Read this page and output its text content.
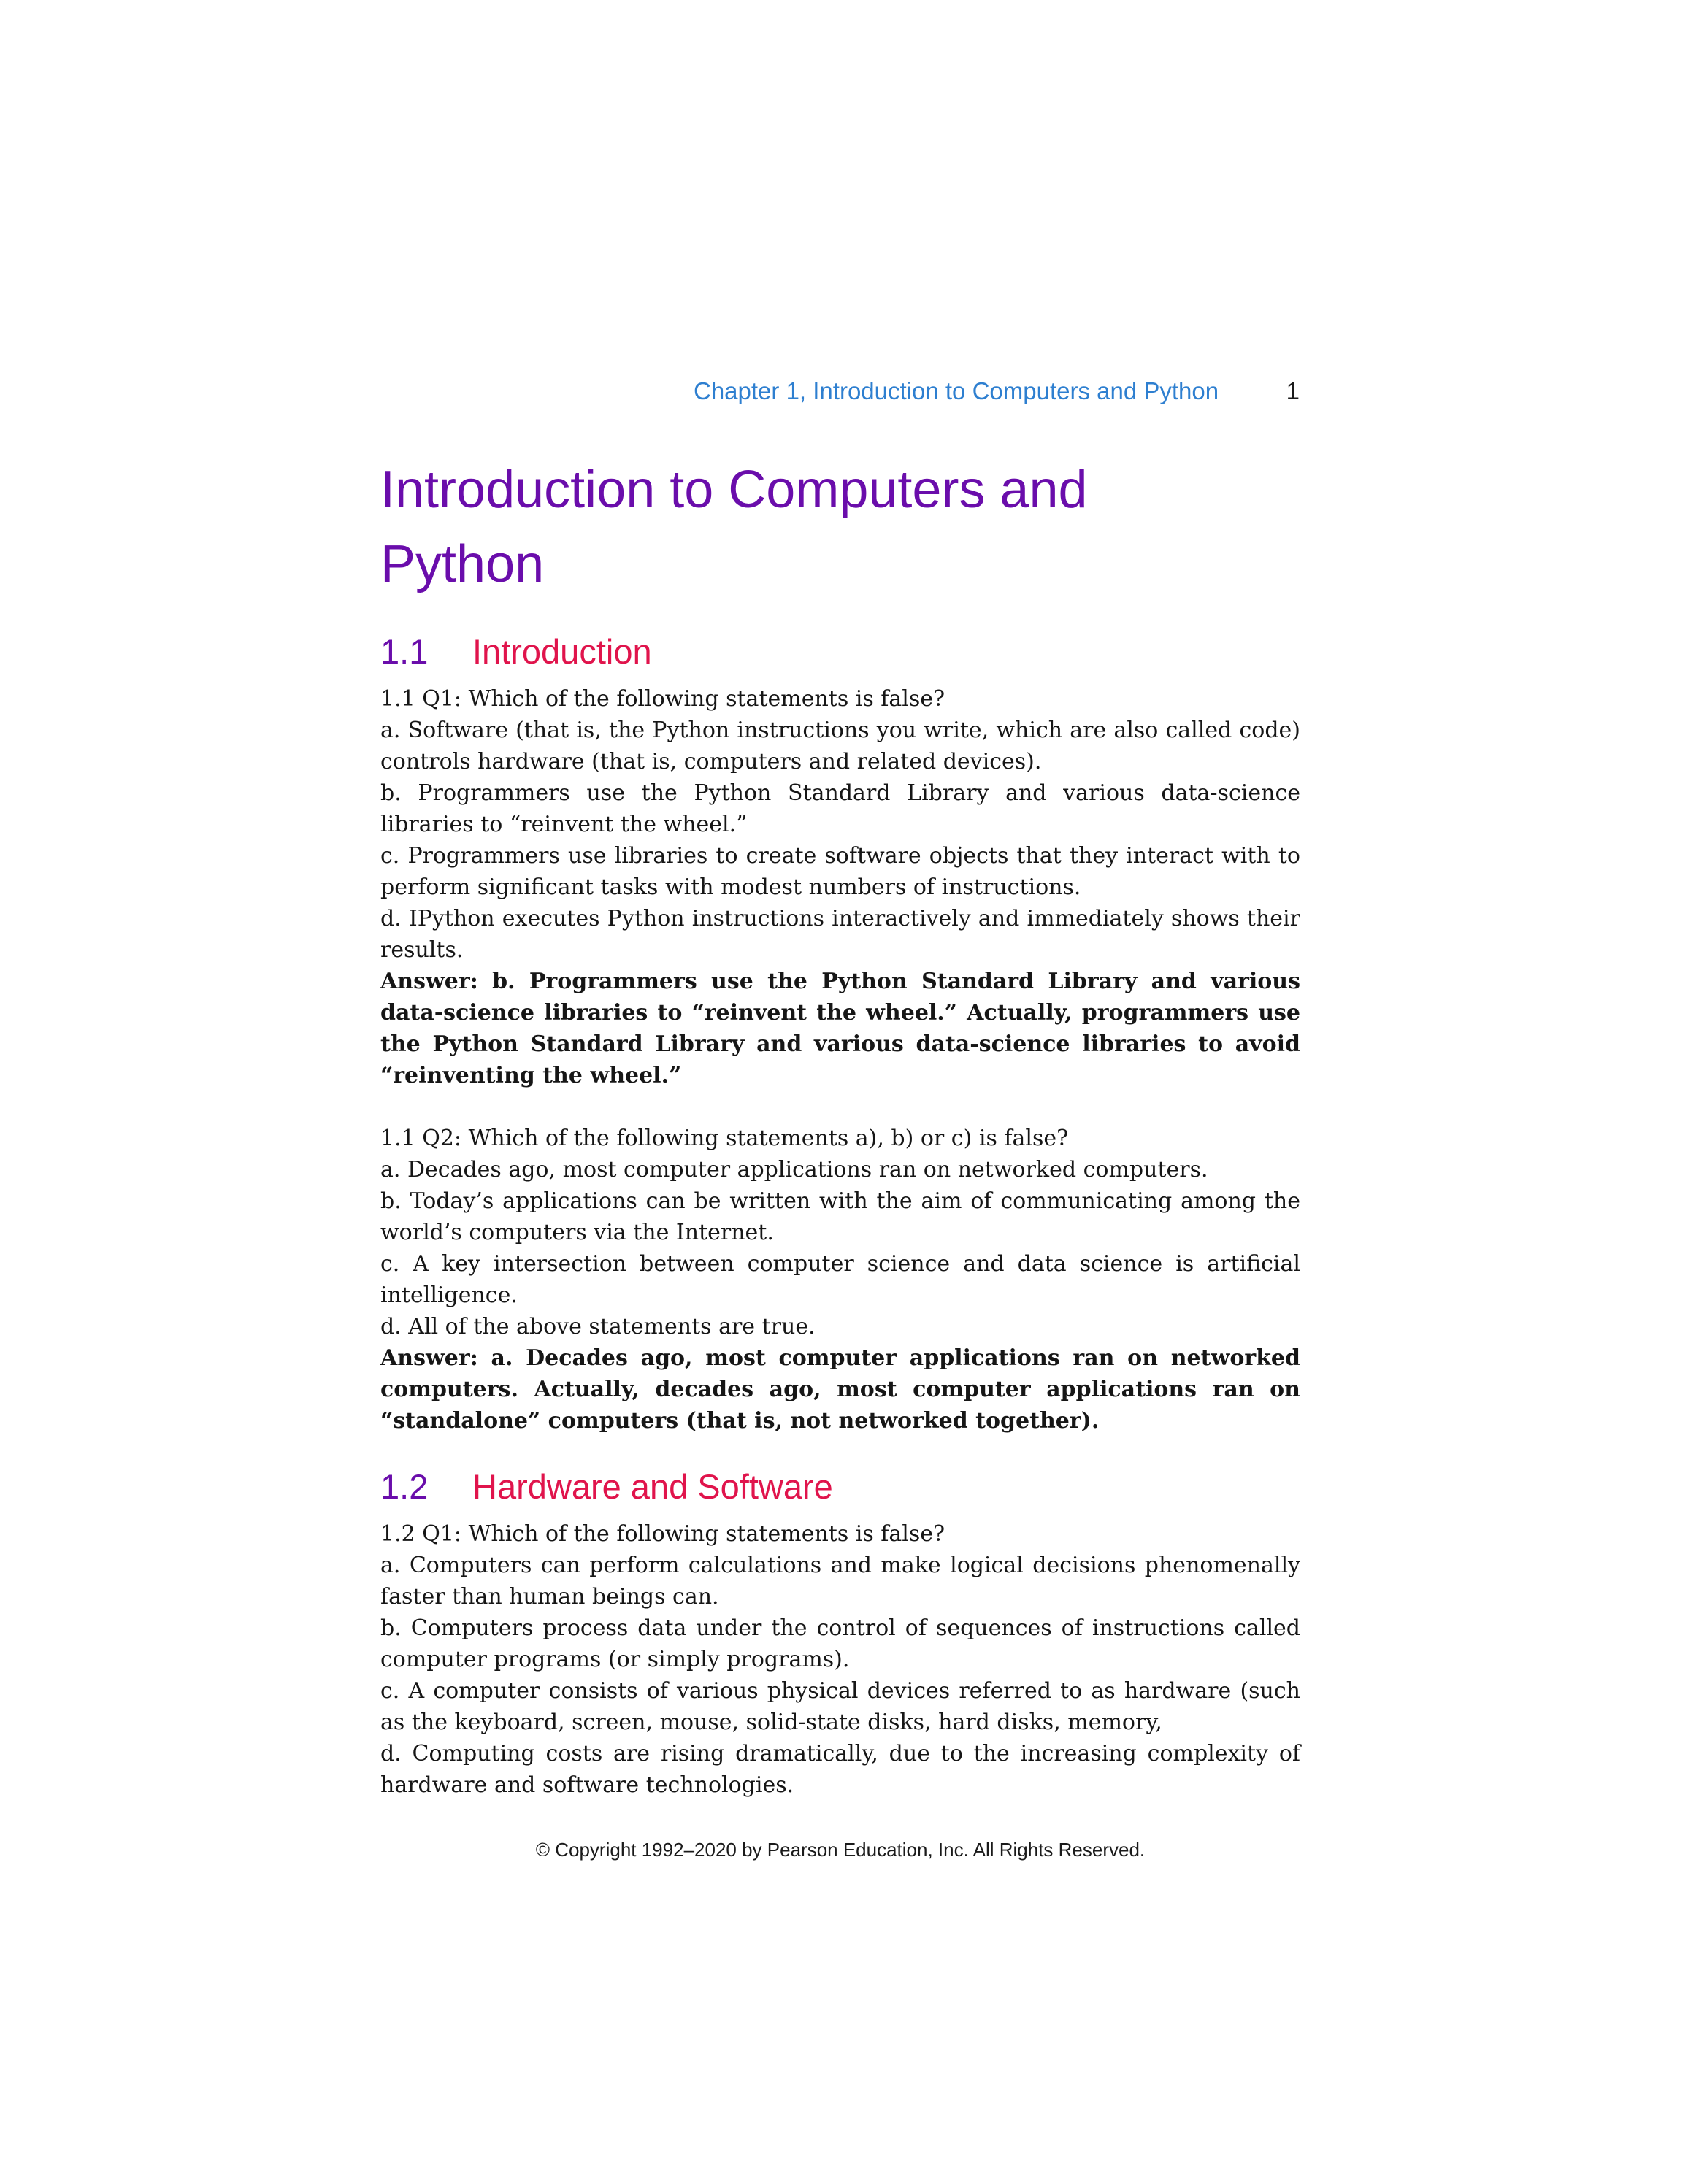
Chapter 1, Introduction to Computers and Python	1
Introduction to Computers and
Python
1.1	Introduction

1.1 Q1: Which of the following statements is false?

a. Software (that is, the Python instructions you write, which are also called code) controls hardware (that is, computers and related devices).

b. Programmers use the Python Standard Library and various data-science libraries to “reinvent the wheel.”

c. Programmers use libraries to create software objects that they interact with to perform significant tasks with modest numbers of instructions.

d. IPython executes Python instructions interactively and immediately shows their results.

Answer: b. Programmers use the Python Standard Library and various data-science libraries to “reinvent the wheel.” Actually, programmers use the Python Standard Library and various data-science libraries to avoid “reinventing the wheel.”

1.1 Q2: Which of the following statements a), b) or c) is false?

a. Decades ago, most computer applications ran on networked computers.

b. Today’s applications can be written with the aim of communicating among the world’s computers via the Internet.

c. A key intersection between computer science and data science is artificial intelligence.

d. All of the above statements are true.

Answer: a. Decades ago, most computer applications ran on networked computers. Actually, decades ago, most computer applications ran on “standalone” computers (that is, not networked together).

1.2	Hardware and Software

1.2 Q1: Which of the following statements is false?

a. Computers can perform calculations and make logical decisions phenomenally faster than human beings can.

b. Computers process data under the control of sequences of instructions called computer programs (or simply programs).

c. A computer consists of various physical devices referred to as hardware (such as the keyboard, screen, mouse, solid-state disks, hard disks, memory,

d. Computing costs are rising dramatically, due to the increasing complexity of hardware and software technologies.

© Copyright 1992–2020 by Pearson Education, Inc. All Rights Reserved.
